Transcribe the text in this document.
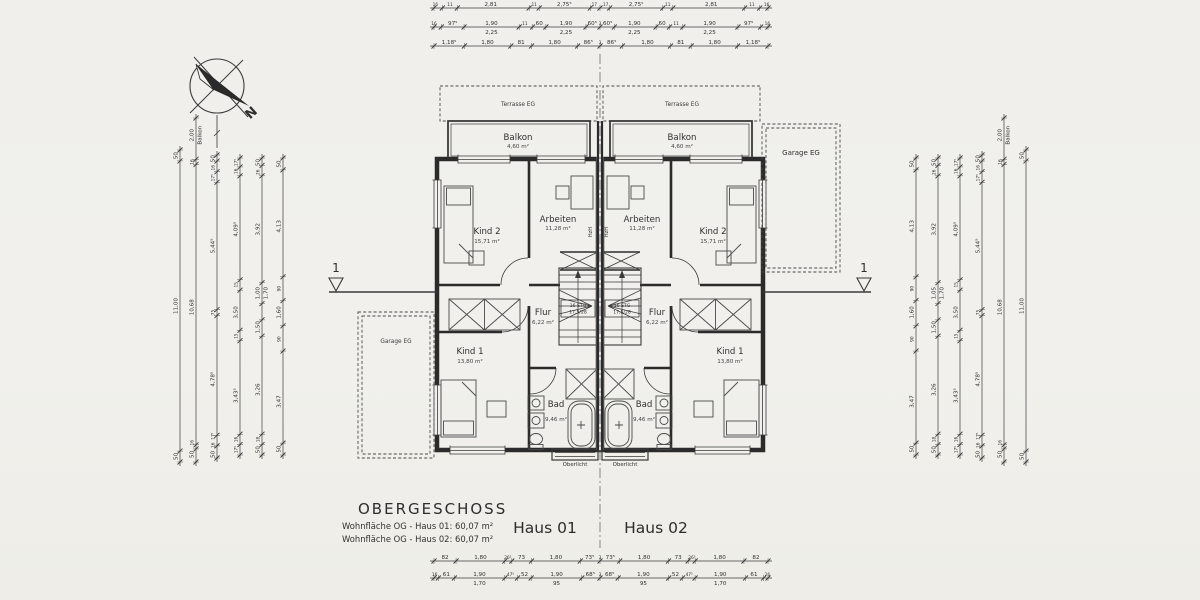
16 11	2,81	11	2,75⁵	17 17	2,75⁵	11	2,81	11 16
16 97⁵	1,90
2,25
11 60	1,90
2,25
60⁵ 3 60⁵	1,90
2,25
60 11	1,90
2,25
97⁵	16
1,18⁵	1,80	81	1,80	86⁵ 3 86⁵	1,80	81	1,80	1,18⁵
82	1,80	26⁵ 73	1,80	73⁵ 3 73⁵	1,80	73 26⁵	1,80	82
16 61	1,90
1,70
47⁵ 52	1,90
95
68⁵ 3 68⁵	1,90
95
52 47⁵	1,90
1,70
61 26
50
11,00
50
2,00 Balkon
16
10,68
16
50
50
16
17⁵
5,44⁵
75
4,78⁵
17⁵
16
50
17⁵
16
4,09⁵
15
3,50
15
3,43⁵
16
17⁵
50
26
3,92
1,00 1,70
1,50
3,26
18
50
50
4,13
90
1,60
90
3,47
50
50
4,13
90
1,60
90
3,47
50
50
26
3,92
1,05 1,70
1,50
3,26
18
50
17⁵
16
4,09⁵
15
3,50
15
3,43⁵
16
17⁵
50
16
17⁵
5,44⁵
75
4,78⁵
17⁵
16
50
2,00 Balkon
16
10,68
16
50
50
11,00
50
Terrasse EG	Terrasse EG
Balkon
4,60 m²
Balkon
4,60 m²
Kind 2
15,71 m²
Kind 2
15,71 m²
Arbeiten
11,28 m²
Arbeiten
11,28 m²
Flur
6,22 m²
Flur
6,22 m²
Kind 1
13,80 m²
Kind 1
13,80 m²
Bad
9,46 m²
Bad
9,46 m²
16 STG
17,5/28
16 STG
17,5/28
HzH HzH
Oberlicht	Oberlicht
Garage EG
Garage EG
1	1
N
OBERGESCHOSS
Wohnfläche OG - Haus 01: 60,07 m²
Wohnfläche OG - Haus 02: 60,07 m²
Haus 01	Haus 02
